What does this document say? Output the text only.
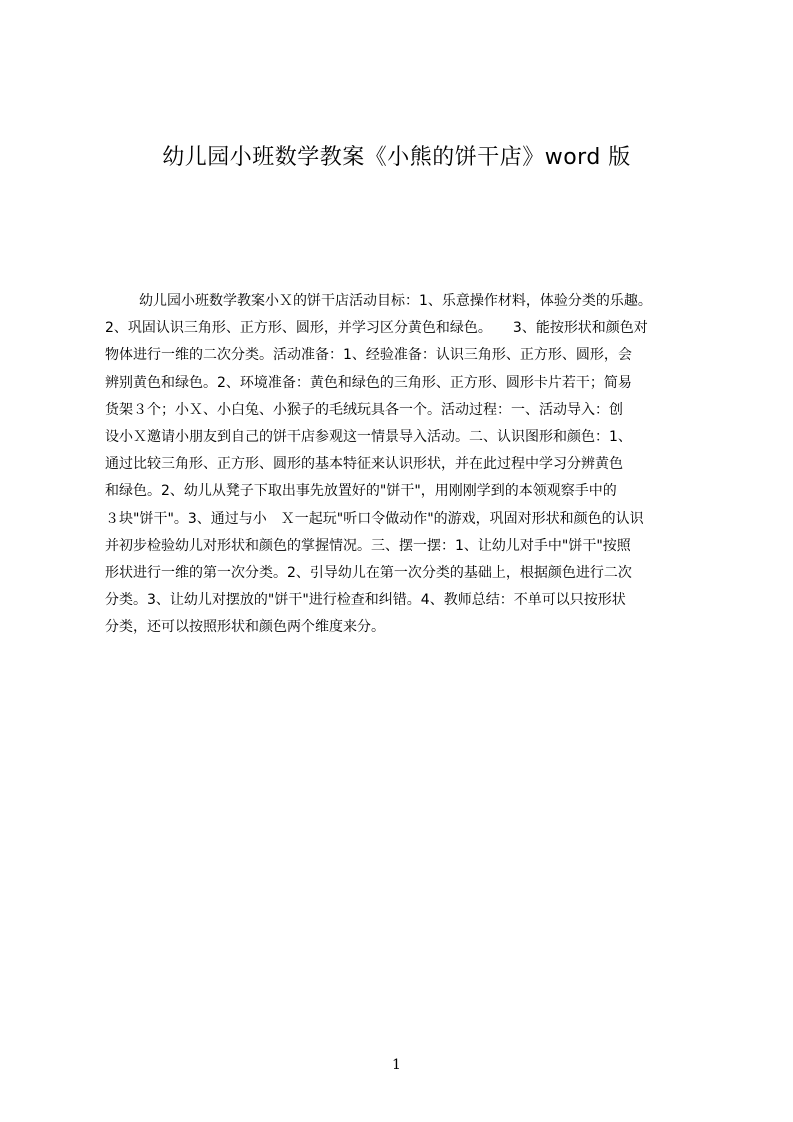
幼儿园小班数学教案《小熊的饼干店》word 版
幼儿园小班数学教案小Ｘ的饼干店活动目标：1、乐意操作材料，体验分类的乐趣。
2、巩固认识三角形、正方形、圆形，并学习区分黄色和绿色。　　3、能按形状和颜色对
物体进行一维的二次分类。活动准备：1、经验准备：认识三角形、正方形、圆形，会
辨别黄色和绿色。2、环境准备：黄色和绿色的三角形、正方形、圆形卡片若干；简易
货架３个；小Ｘ、小白兔、小猴子的毛绒玩具各一个。活动过程：一、活动导入：创
设小Ｘ邀请小朋友到自己的饼干店参观这一情景导入活动。二、认识图形和颜色：1、
通过比较三角形、正方形、圆形的基本特征来认识形状，并在此过程中学习分辨黄色
和绿色。2、幼儿从凳子下取出事先放置好的"饼干"，用刚刚学到的本领观察手中的
３块"饼干"。3、通过与小　Ｘ一起玩"听口令做动作"的游戏，巩固对形状和颜色的认识
并初步检验幼儿对形状和颜色的掌握情况。三、摆一摆：1、让幼儿对手中"饼干"按照
形状进行一维的第一次分类。2、引导幼儿在第一次分类的基础上，根据颜色进行二次
分类。3、让幼儿对摆放的"饼干"进行检查和纠错。4、教师总结：不单可以只按形状
分类，还可以按照形状和颜色两个维度来分。
1
